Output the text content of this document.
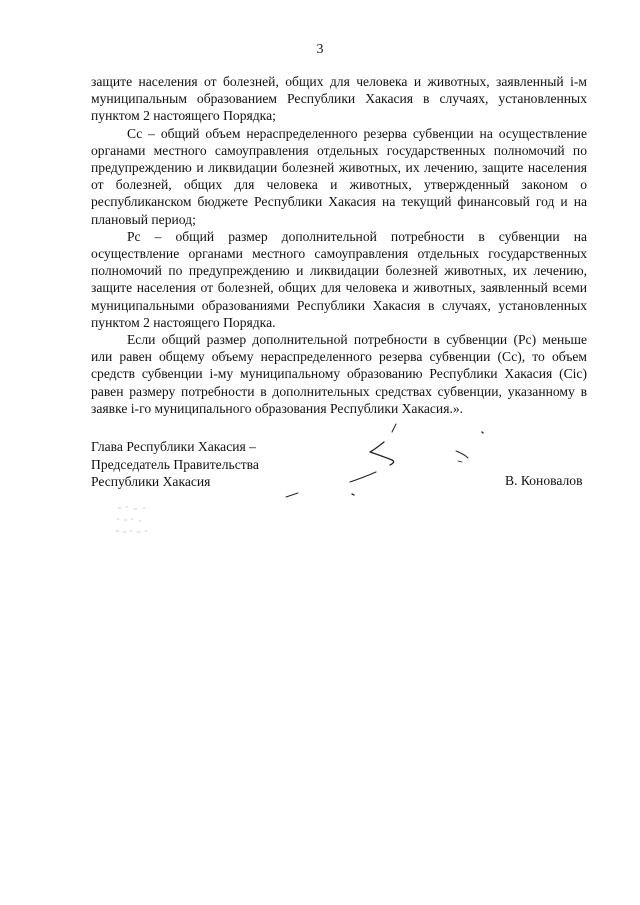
3

защите населения от болезней, общих для человека и животных, заявленный i-м муниципальным образованием Республики Хакасия в случаях, установленных пунктом 2 настоящего Порядка;

Сс – общий объем нераспределенного резерва субвенции на осуществление органами местного самоуправления отдельных государственных полномочий по предупреждению и ликвидации болезней животных, их лечению, защите населения от болезней, общих для человека и животных, утвержденный законом о республиканском бюджете Республики Хакасия на текущий финансовый год и на плановый период;

Рс – общий размер дополнительной потребности в субвенции на осуществление органами местного самоуправления отдельных государственных полномочий по предупреждению и ликвидации болезней животных, их лечению, защите населения от болезней, общих для человека и животных, заявленный всеми муниципальными образованиями Республики Хакасия в случаях, установленных пунктом 2 настоящего Порядка.

Если общий размер дополнительной потребности в субвенции (Рс) меньше или равен общему объему нераспределенного резерва субвенции (Сс), то объем средств субвенции i-му муниципальному образованию Республики Хакасия (Сiс) равен размеру потребности в дополнительных средствах субвенции, указанному в заявке i-го муниципального образования Республики Хакасия.».

Глава Республики Хакасия –
Председатель Правительства
Республики Хакасия	В. Коновалов
